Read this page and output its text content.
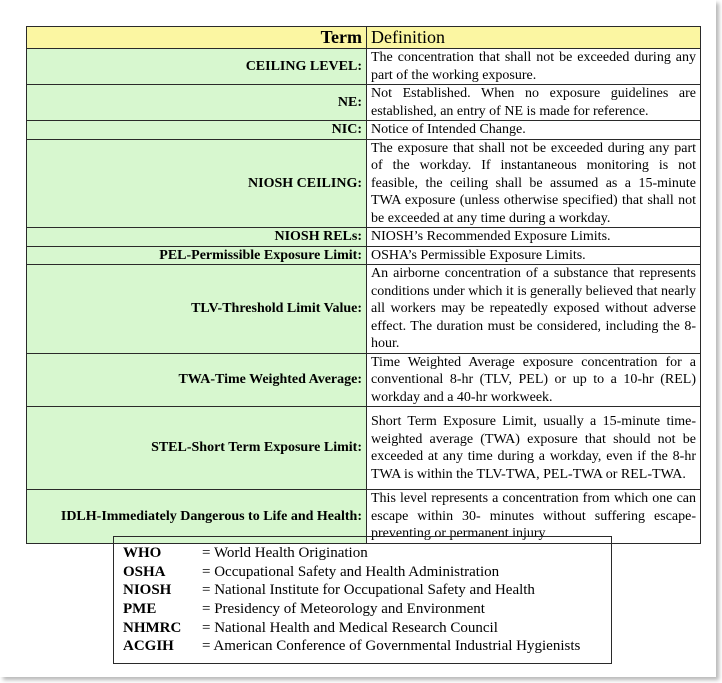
Term	Definition
CEILING LEVEL:	The concentration that shall not be exceeded during any part of the working exposure.

NE:	Not Established. When no exposure guidelines are established, an entry of NE is made for reference.

NIC:	Notice of Intended Change.

NIOSH CEILING:	The exposure that shall not be exceeded during any part of the workday. If instantaneous monitoring is not feasible, the ceiling shall be assumed as a 15-minute TWA exposure (unless otherwise specified) that shall not be exceeded at any time during a workday.

NIOSH RELs:	NIOSH’s Recommended Exposure Limits.

PEL-Permissible Exposure Limit:	OSHA’s Permissible Exposure Limits.

TLV-Threshold Limit Value:	An airborne concentration of a substance that represents conditions under which it is generally believed that nearly all workers may be repeatedly exposed without adverse effect. The duration must be considered, including the 8-hour.

TWA-Time Weighted Average:	Time Weighted Average exposure concentration for a conventional 8-hr (TLV, PEL) or up to a 10-hr (REL) workday and a 40-hr workweek.

STEL-Short Term Exposure Limit:	Short Term Exposure Limit, usually a 15-minute time-weighted average (TWA) exposure that should not be exceeded at any time during a workday, even if the 8-hr TWA is within the TLV-TWA, PEL-TWA or REL-TWA.

IDLH-Immediately Dangerous to Life and Health:	This level represents a concentration from which one can escape within 30- minutes without suffering escape-preventing or permanent injury

WHO	= World Health Origination
OSHA = Occupational Safety and Health Administration
NIOSH = National Institute for Occupational Safety and Health
PME	= Presidency of Meteorology and Environment
NHMRC = National Health and Medical Research Council
ACGIH = American Conference of Governmental Industrial Hygienists
